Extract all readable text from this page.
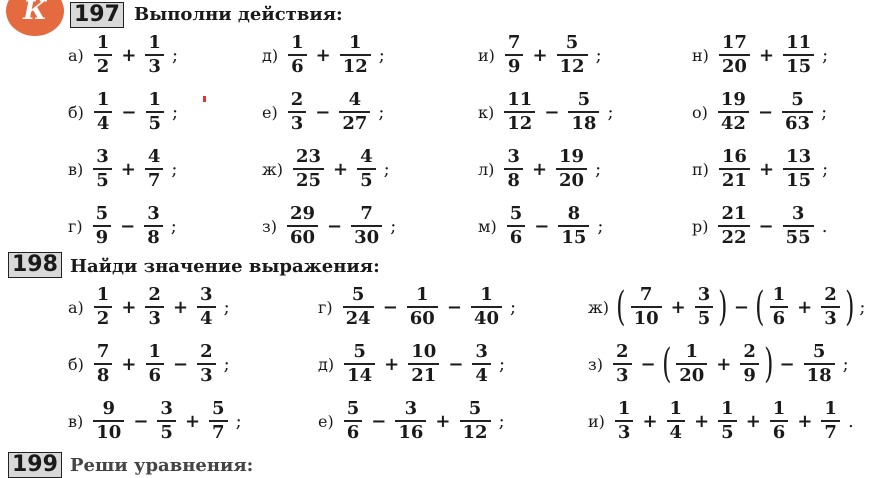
К	197 Выполни действия:
$а) \frac{1}{2} + \frac{1}{3}$ ;
$б) \frac{1}{4} - \frac{1}{5}$ ;
$в) \frac{3}{5} + \frac{4}{7}$ ;
$г) \frac{5}{9} - \frac{3}{8}$ ;
$д) \frac{1}{6} + \frac{1}{12}$ ;
$е) \frac{2}{3} - \frac{4}{27}$ ;
$ж) \frac{23}{25} + \frac{4}{5}$ ;
$з) \frac{29}{60} - \frac{7}{30}$ ;
$и) \frac{7}{9} + \frac{5}{12}$ ;
$к) \frac{11}{12} - \frac{5}{18}$ ;
$л) \frac{3}{8} + \frac{19}{20}$ ;
$м) \frac{5}{6} - \frac{8}{15}$ ;
$н) \frac{17}{20} + \frac{11}{15}$ ;
$о) \frac{19}{42} - \frac{5}{63}$ ;
$п) \frac{16}{21} + \frac{13}{15}$ ;
$р) \frac{21}{22} - \frac{3}{55}$ .
198 Найди значение выражения:
$а) \frac{1}{2} + \frac{2}{3} + \frac{3}{4}$ ;
$б) \frac{7}{8} + \frac{1}{6} - \frac{2}{3}$ ;
$в) \frac{9}{10} - \frac{3}{5} + \frac{5}{7}$ ;
$г) \frac{5}{24} - \frac{1}{60} - \frac{1}{40}$ ;
$д) \frac{5}{14} + \frac{10}{21} - \frac{3}{4}$ ;
$е) \frac{5}{6} - \frac{3}{16} + \frac{5}{12}$ ;
ж) ( $\frac{7}{10} + \frac{3}{5}$ ) − ( $\frac{1}{6} + \frac{2}{3}$ ) ;
$з) \frac{2}{3}$ − ( $\frac{1}{20} + \frac{2}{9}$ ) − $\frac{5}{18}$ ;
$и) \frac{1}{3} + \frac{1}{4} + \frac{1}{5} + \frac{1}{6} + \frac{1}{7}$ .
199 Реши уравнения:
